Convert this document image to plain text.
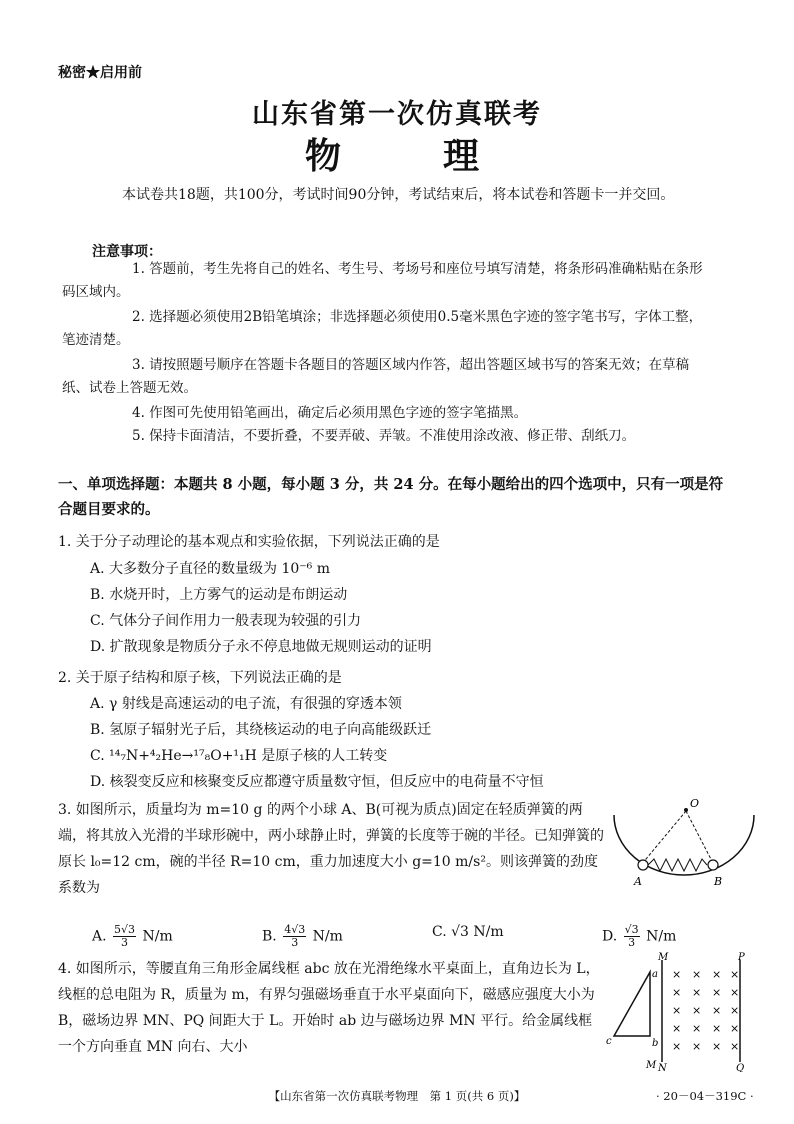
秘密★启用前
山东省第一次仿真联考
物　　理
本试卷共18题，共100分，考试时间90分钟，考试结束后，将本试卷和答题卡一并交回。
注意事项：
1. 答题前，考生先将自己的姓名、考生号、考场号和座位号填写清楚，将条形码准确粘贴在条形码区域内。
2. 选择题必须使用2B铅笔填涂；非选择题必须使用0.5毫米黑色字迹的签字笔书写，字体工整，笔迹清楚。
3. 请按照题号顺序在答题卡各题目的答题区域内作答，超出答题区域书写的答案无效；在草稿纸、试卷上答题无效。
4. 作图可先使用铅笔画出，确定后必须用黑色字迹的签字笔描黑。
5. 保持卡面清洁，不要折叠，不要弄破、弄皱。不准使用涂改液、修正带、刮纸刀。
一、单项选择题：本题共 8 小题，每小题 3 分，共 24 分。在每小题给出的四个选项中，只有一项是符合题目要求的。
1. 关于分子动理论的基本观点和实验依据，下列说法正确的是
A. 大多数分子直径的数量级为 10⁻⁶ m
B. 水烧开时，上方雾气的运动是布朗运动
C. 气体分子间作用力一般表现为较强的引力
D. 扩散现象是物质分子永不停息地做无规则运动的证明
2. 关于原子结构和原子核，下列说法正确的是
A. γ 射线是高速运动的电子流，有很强的穿透本领
B. 氢原子辐射光子后，其绕核运动的电子向高能级跃迁
C. ¹⁴₇N+⁴₂He→¹⁷₈O+¹₁H 是原子核的人工转变
D. 核裂变反应和核聚变反应都遵守质量数守恒，但反应中的电荷量不守恒
3. 如图所示，质量均为 m=10 g 的两个小球 A、B(可视为质点)固定在轻质弹簧的两端，将其放入光滑的半球形碗中，两小球静止时，弹簧的长度等于碗的半径。已知弹簧的原长 l₀=12 cm，碗的半径 R=10 cm，重力加速度大小 g=10 m/s²。则该弹簧的劲度系数为
O
A	B
A. $\frac{5√3}{3} N/m$	B. $\frac{4√3}{3} N/m$	C. √3 N/m	D. $\frac{√3}{3} N/m$
4. 如图所示，等腰直角三角形金属线框 abc 放在光滑绝缘水平桌面上，直角边长为 L，线框的总电阻为 R，质量为 m，有界匀强磁场垂直于水平桌面向下，磁感应强度大小为 B，磁场边界 MN、PQ 间距大于 L。开始时 ab 边与磁场边界 MN 平行。给金属线框一个方向垂直 MN 向右、大小
M
M
N
P
Q
a
b
c
× × × ×
× × × ×
× × × ×
× × × ×
× × × ×
【山东省第一次仿真联考物理　第 1 页(共 6 页)】	· 20－04－319C ·
